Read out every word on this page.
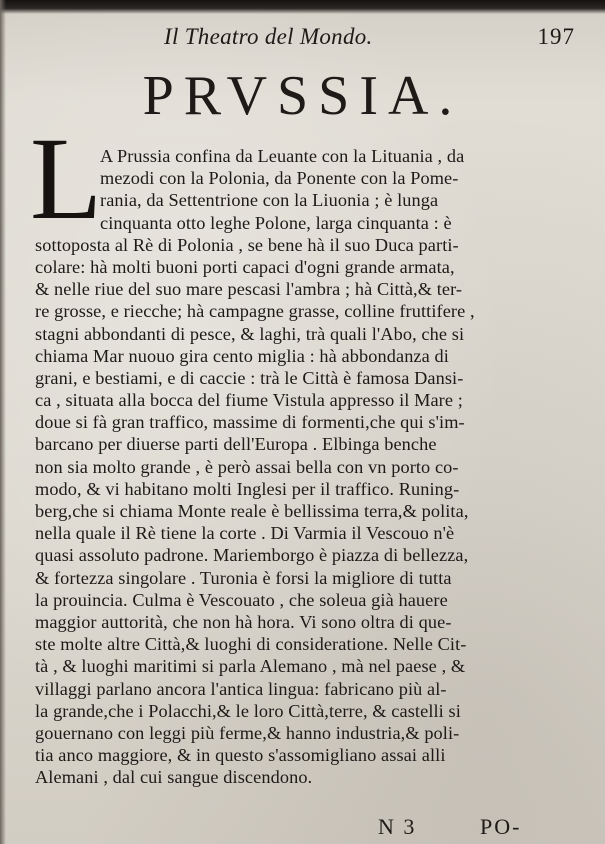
Il Theatro del Mondo.	197
PRVSSIA.
L
A Prussia confina da Leuante con la Lituania , da
mezodi con la Polonia, da Ponente con la Pome-
rania, da Settentrione con la Liuonia ; è lunga
cinquanta otto leghe Polone, larga cinquanta : è
sottoposta al Rè di Polonia , se bene hà il suo Duca parti-
colare: hà molti buoni porti capaci d'ogni grande armata,
& nelle riue del suo mare pescasi l'ambra ; hà Città,& ter-
re grosse, e riecche; hà campagne grasse, colline fruttifere ,
stagni abbondanti di pesce, & laghi, trà quali l'Abo, che si
chiama Mar nuouo gira cento miglia : hà abbondanza di
grani, e bestiami, e di caccie : trà le Città è famosa Dansi-
ca , situata alla bocca del fiume Vistula appresso il Mare ;
doue si fà gran traffico, massime di formenti,che qui s'im-
barcano per diuerse parti dell'Europa . Elbinga benche
non sia molto grande , è però assai bella con vn porto co-
modo, & vi habitano molti Inglesi per il traffico. Runing-
berg,che si chiama Monte reale è bellissima terra,& polita,
nella quale il Rè tiene la corte . Di Varmia il Vescouo n'è
quasi assoluto padrone. Mariemborgo è piazza di bellezza,
& fortezza singolare . Turonia è forsi la migliore di tutta
la prouincia. Culma è Vescouato , che soleua già hauere
maggior auttorità, che non hà hora. Vi sono oltra di que-
ste molte altre Città,& luoghi di consideratione. Nelle Cit-
tà , & luoghi maritimi si parla Alemano , mà nel paese , &
villaggi parlano ancora l'antica lingua: fabricano più al-
la grande,che i Polacchi,& le loro Città,terre, & castelli si
gouernano con leggi più ferme,& hanno industria,& poli-
tia anco maggiore, & in questo s'assomigliano assai alli
Alemani , dal cui sangue discendono.
N 3	PO-
